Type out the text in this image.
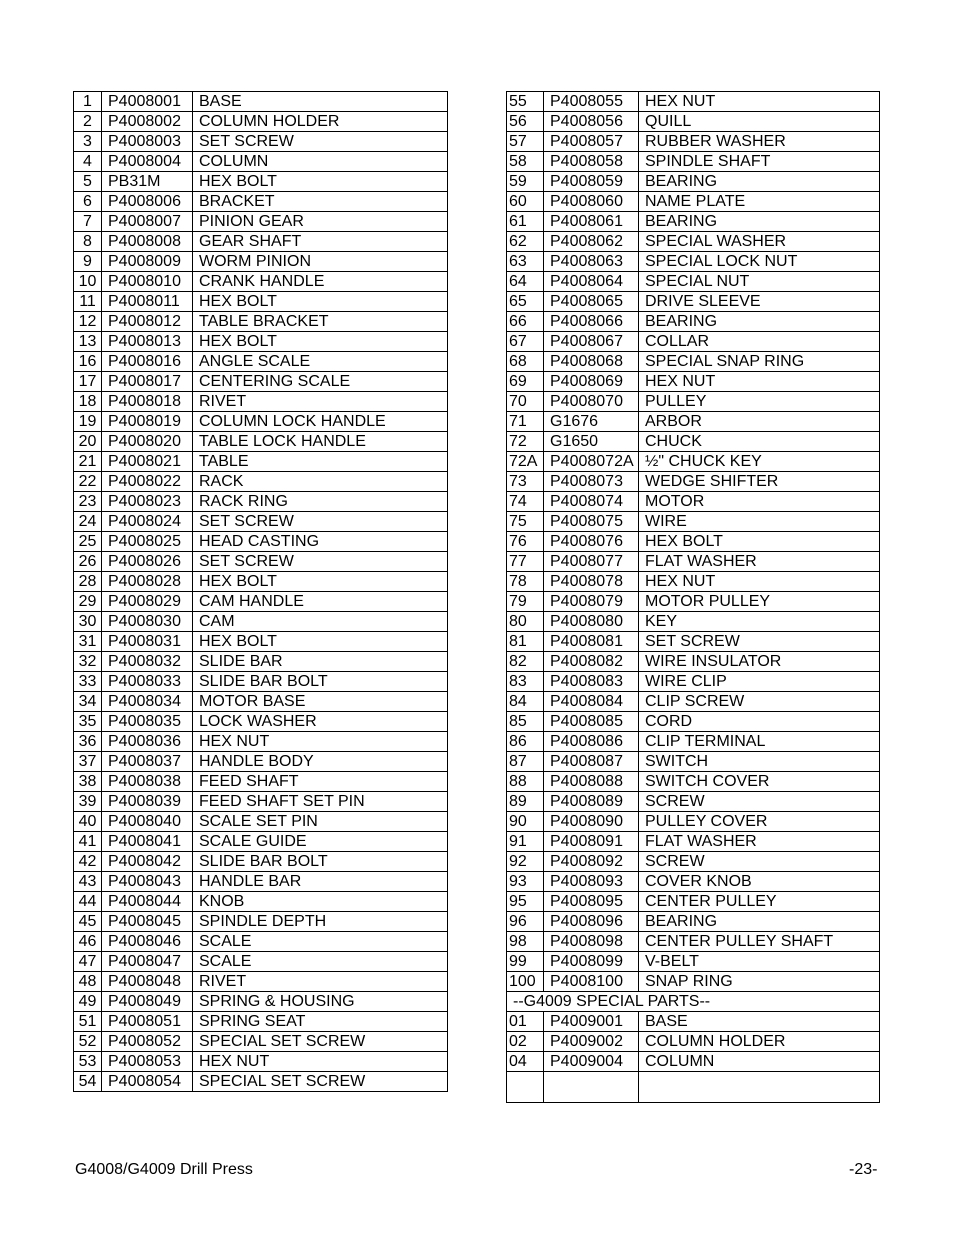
1	P4008001	BASE
2	P4008002	COLUMN HOLDER
3	P4008003	SET SCREW
4	P4008004	COLUMN
5	PB31M	HEX BOLT
6	P4008006	BRACKET
7	P4008007	PINION GEAR
8	P4008008	GEAR SHAFT
9	P4008009	WORM PINION
10	P4008010	CRANK HANDLE
11	P4008011	HEX BOLT
12	P4008012	TABLE BRACKET
13	P4008013	HEX BOLT
16	P4008016	ANGLE SCALE
17	P4008017	CENTERING SCALE
18	P4008018	RIVET
19	P4008019	COLUMN LOCK HANDLE
20	P4008020	TABLE LOCK HANDLE
21	P4008021	TABLE
22	P4008022	RACK
23	P4008023	RACK RING
24	P4008024	SET SCREW
25	P4008025	HEAD CASTING
26	P4008026	SET SCREW
28	P4008028	HEX BOLT
29	P4008029	CAM HANDLE
30	P4008030	CAM
31	P4008031	HEX BOLT
32	P4008032	SLIDE BAR
33	P4008033	SLIDE BAR BOLT
34	P4008034	MOTOR BASE
35	P4008035	LOCK WASHER
36	P4008036	HEX NUT
37	P4008037	HANDLE BODY
38	P4008038	FEED SHAFT
39	P4008039	FEED SHAFT SET PIN
40	P4008040	SCALE SET PIN
41	P4008041	SCALE GUIDE
42	P4008042	SLIDE BAR BOLT
43	P4008043	HANDLE BAR
44	P4008044	KNOB
45	P4008045	SPINDLE DEPTH
46	P4008046	SCALE
47	P4008047	SCALE
48	P4008048	RIVET
49	P4008049	SPRING & HOUSING
51	P4008051	SPRING SEAT
52	P4008052	SPECIAL SET SCREW
53	P4008053	HEX NUT
54	P4008054	SPECIAL SET SCREW
55	P4008055	HEX NUT
56	P4008056	QUILL
57	P4008057	RUBBER WASHER
58	P4008058	SPINDLE SHAFT
59	P4008059	BEARING
60	P4008060	NAME PLATE
61	P4008061	BEARING
62	P4008062	SPECIAL WASHER
63	P4008063	SPECIAL LOCK NUT
64	P4008064	SPECIAL NUT
65	P4008065	DRIVE SLEEVE
66	P4008066	BEARING
67	P4008067	COLLAR
68	P4008068	SPECIAL SNAP RING
69	P4008069	HEX NUT
70	P4008070	PULLEY
71	G1676	ARBOR
72	G1650	CHUCK
72A	P4008072A	½" CHUCK KEY
73	P4008073	WEDGE SHIFTER
74	P4008074	MOTOR
75	P4008075	WIRE
76	P4008076	HEX BOLT
77	P4008077	FLAT WASHER
78	P4008078	HEX NUT
79	P4008079	MOTOR PULLEY
80	P4008080	KEY
81	P4008081	SET SCREW
82	P4008082	WIRE INSULATOR
83	P4008083	WIRE CLIP
84	P4008084	CLIP SCREW
85	P4008085	CORD
86	P4008086	CLIP TERMINAL
87	P4008087	SWITCH
88	P4008088	SWITCH COVER
89	P4008089	SCREW
90	P4008090	PULLEY COVER
91	P4008091	FLAT WASHER
92	P4008092	SCREW
93	P4008093	COVER KNOB
95	P4008095	CENTER PULLEY
96	P4008096	BEARING
98	P4008098	CENTER PULLEY SHAFT
99	P4008099	V-BELT
100	P4008100	SNAP RING
--G4009 SPECIAL PARTS--		
01	P4009001	BASE
02	P4009002	COLUMN HOLDER
04	P4009004	COLUMN

G4008/G4009 Drill Press	-23-
